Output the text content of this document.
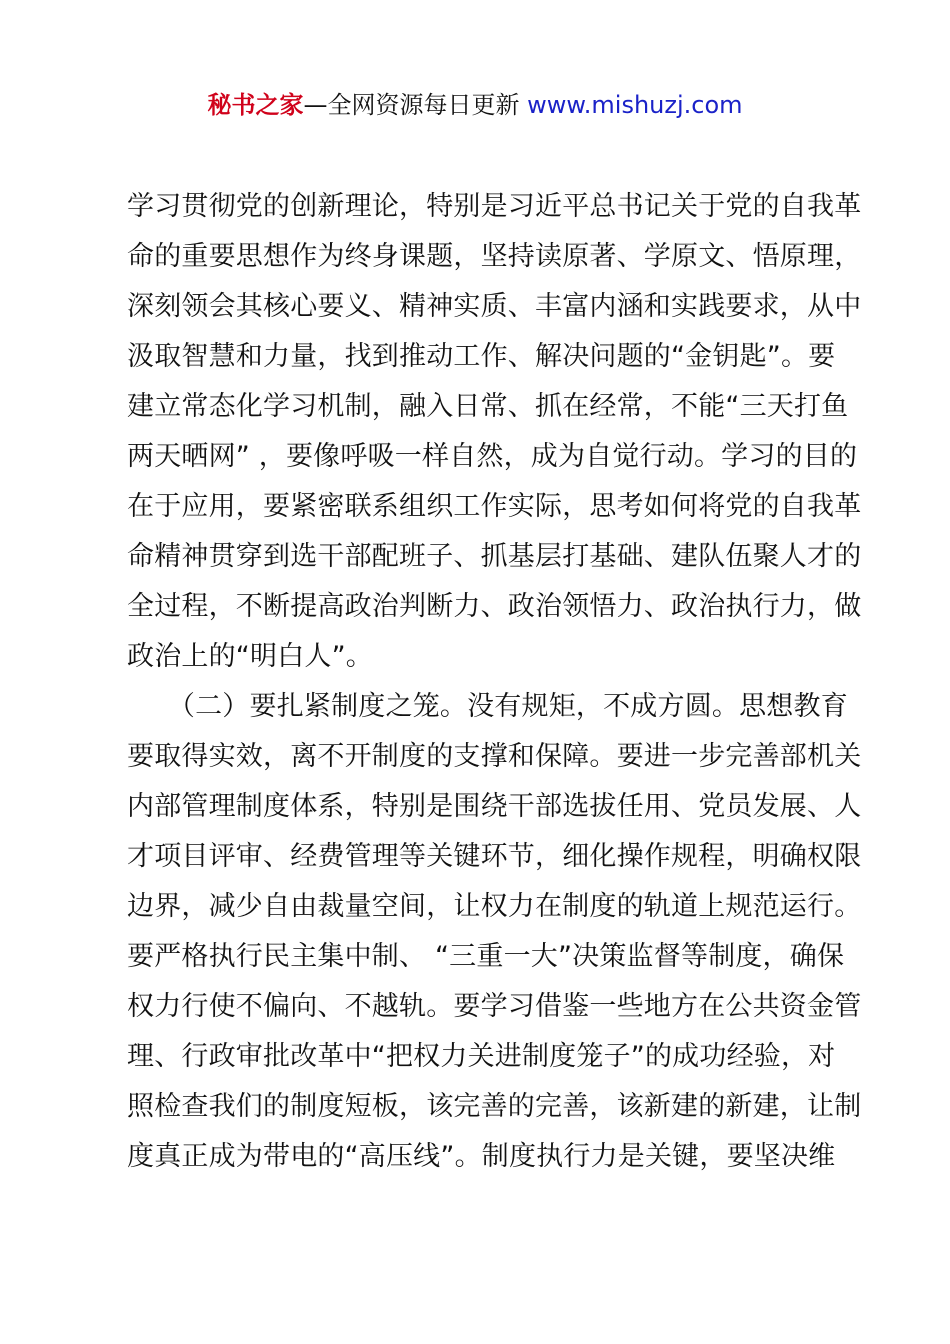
秘书之家—全网资源每日更新 www.mishuzj.com
学习贯彻党的创新理论，特别是习近平总书记关于党的自我革
命的重要思想作为终身课题，坚持读原著、学原文、悟原理，
深刻领会其核心要义、精神实质、丰富内涵和实践要求，从中
汲取智慧和力量，找到推动工作、解决问题的“金钥匙”。要
建立常态化学习机制，融入日常、抓在经常，不能“三天打鱼
两天晒网” ，要像呼吸一样自然，成为自觉行动。学习的目的
在于应用，要紧密联系组织工作实际，思考如何将党的自我革
命精神贯穿到选干部配班子、抓基层打基础、建队伍聚人才的
全过程，不断提高政治判断力、政治领悟力、政治执行力，做
政治上的“明白人”。
　　（二）要扎紧制度之笼。没有规矩，不成方圆。思想教育
要取得实效，离不开制度的支撑和保障。要进一步完善部机关
内部管理制度体系，特别是围绕干部选拔任用、党员发展、人
才项目评审、经费管理等关键环节，细化操作规程，明确权限
边界，减少自由裁量空间，让权力在制度的轨道上规范运行。
要严格执行民主集中制、 “三重一大”决策监督等制度，确保
权力行使不偏向、不越轨。要学习借鉴一些地方在公共资金管
理、行政审批改革中“把权力关进制度笼子”的成功经验，对
照检查我们的制度短板，该完善的完善，该新建的新建，让制
度真正成为带电的“高压线”。制度执行力是关键，要坚决维
